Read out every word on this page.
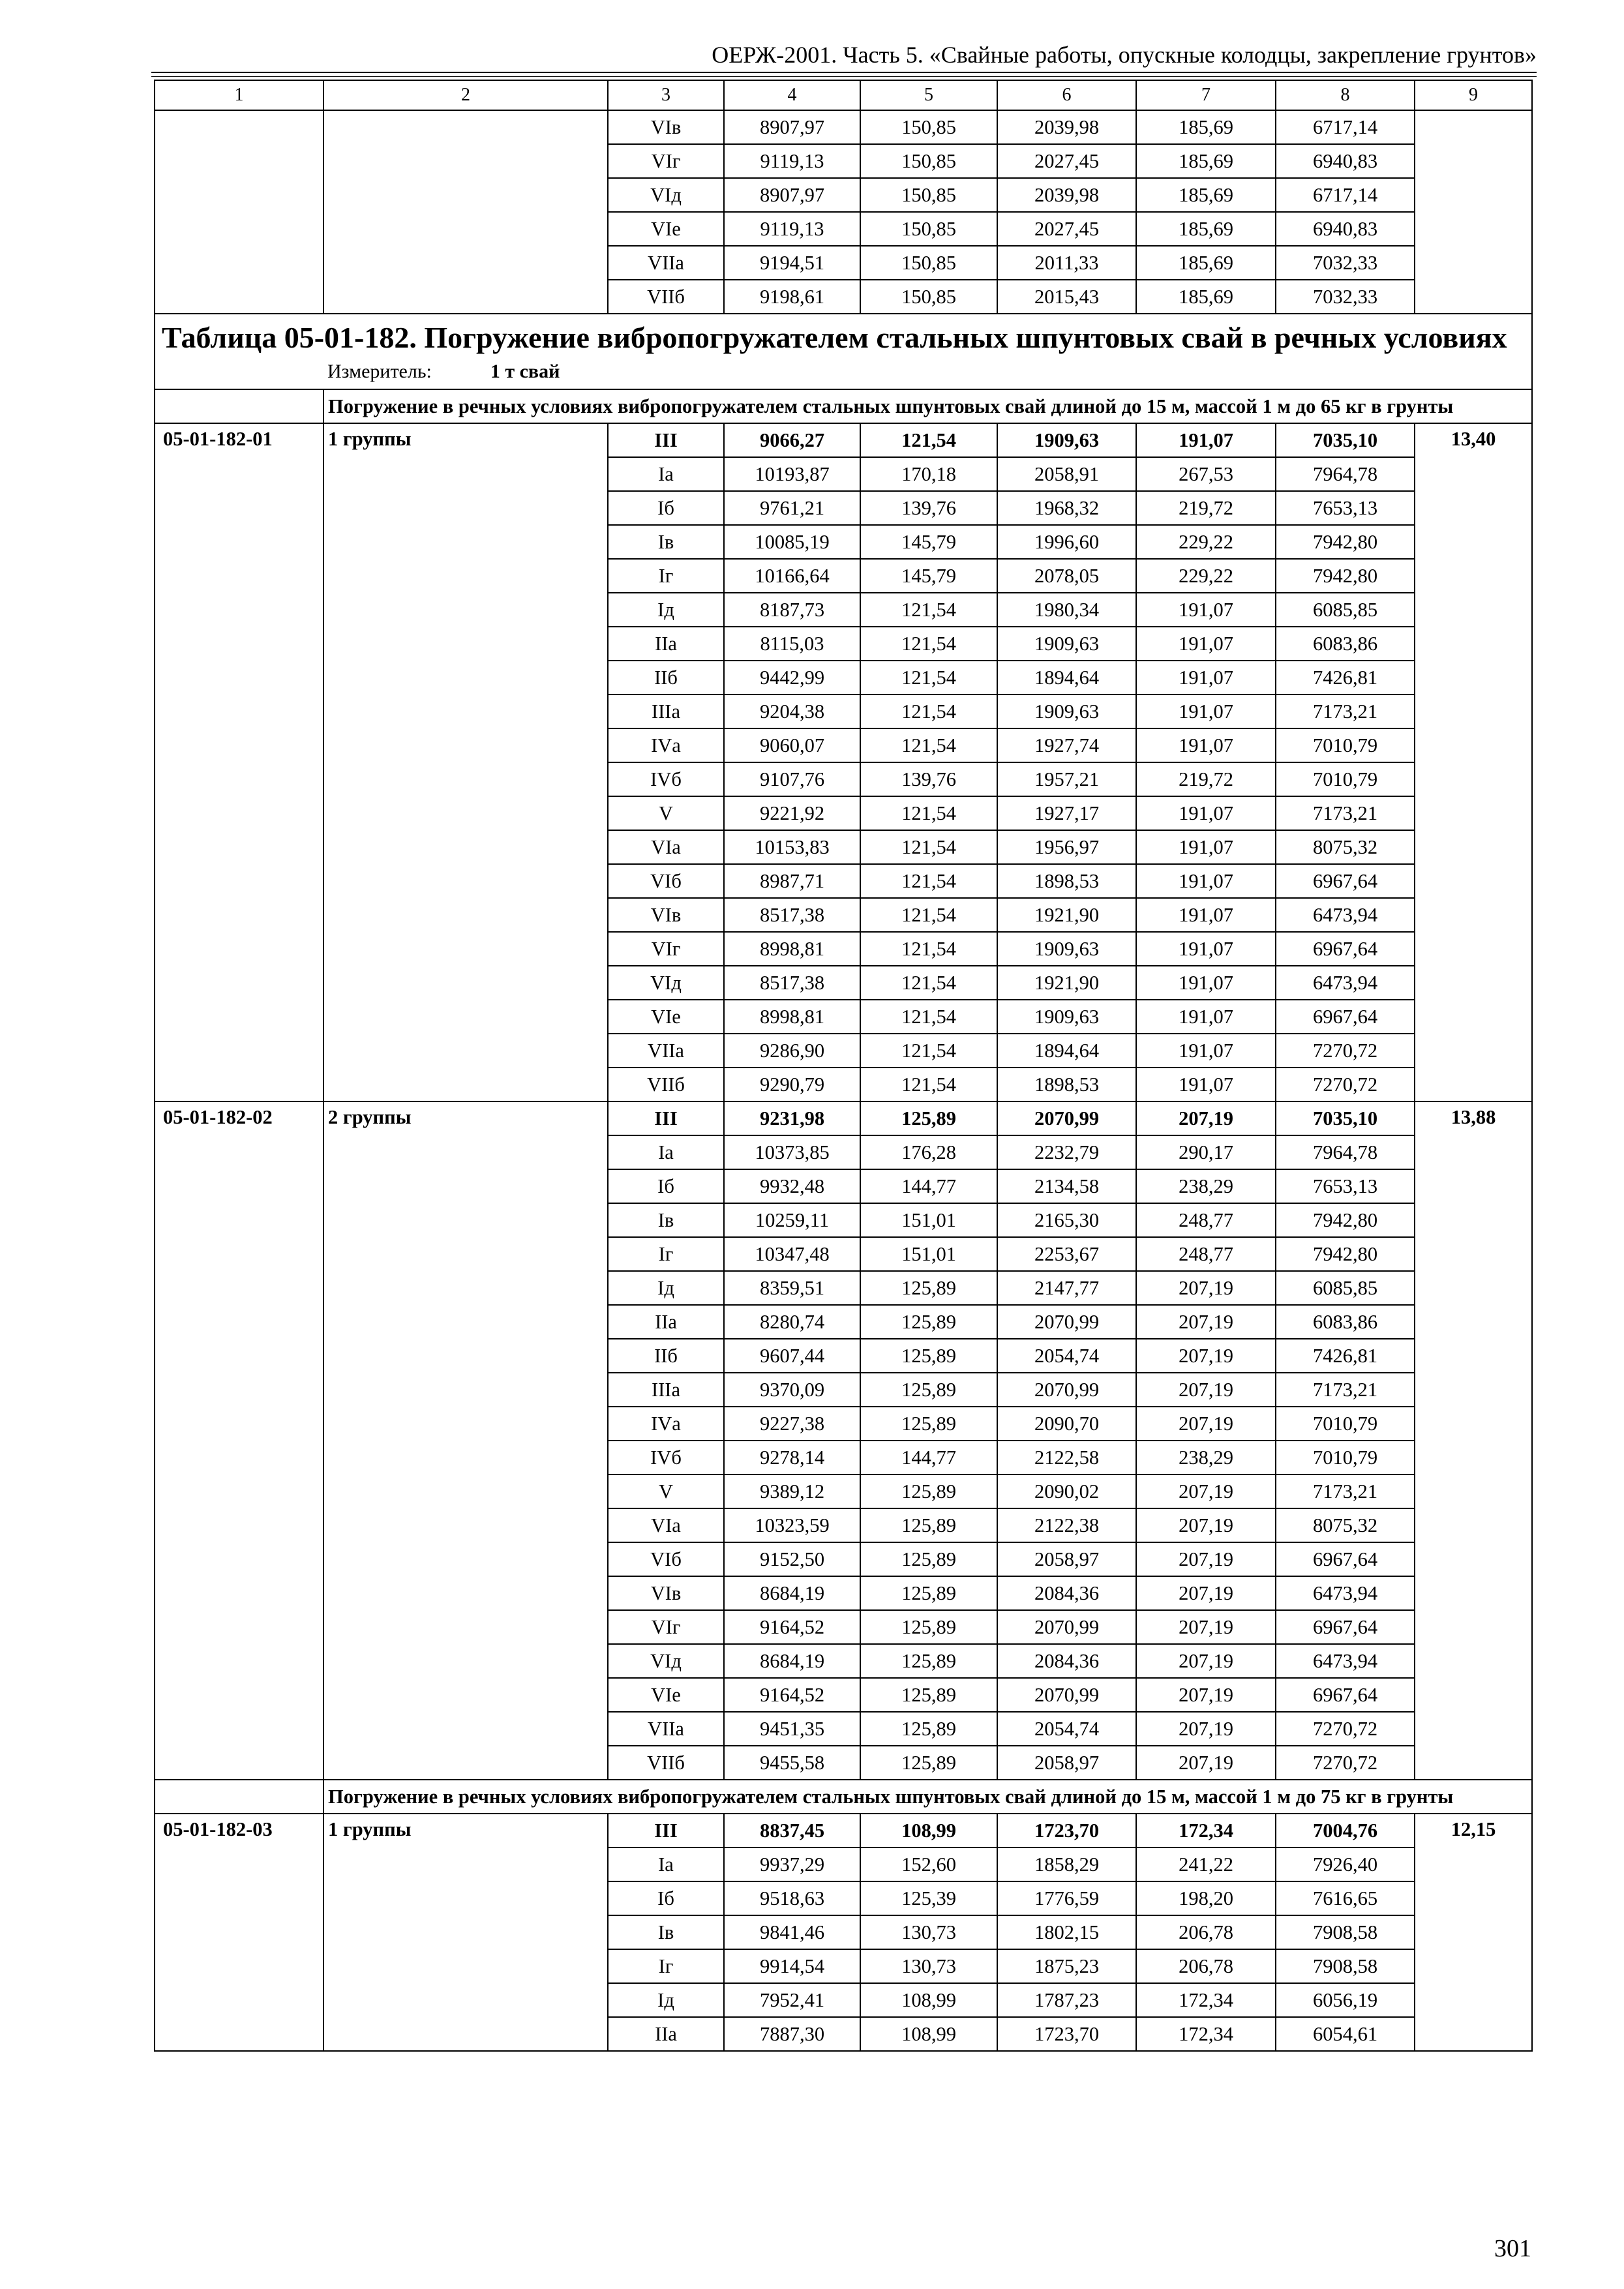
ОЕРЖ-2001. Часть 5. «Свайные работы, опускные колодцы, закрепление грунтов»
1	2	3	4	5	6	7	8	9
		VIв	8907,97	150,85	2039,98	185,69	6717,14	
		VIг	9119,13	150,85	2027,45	185,69	6940,83	
		VIд	8907,97	150,85	2039,98	185,69	6717,14	
		VIе	9119,13	150,85	2027,45	185,69	6940,83	
		VIIа	9194,51	150,85	2011,33	185,69	7032,33	
		VIIб	9198,61	150,85	2015,43	185,69	7032,33	

Таблица 05-01-182. Погружение вибропогружателем стальных шпунтовых свай в речных условиях
Измеритель: 1 т свай								

	Погружение в речных условиях вибропогружателем стальных шпунтовых свай длиной до 15 м, массой 1 м до 65 кг в грунты							
05-01-182-01	1 группы	III	9066,27	121,54	1909,63	191,07	7035,10	13,40
		Iа	10193,87	170,18	2058,91	267,53	7964,78	
		Iб	9761,21	139,76	1968,32	219,72	7653,13	
		Iв	10085,19	145,79	1996,60	229,22	7942,80	
		Iг	10166,64	145,79	2078,05	229,22	7942,80	
		Iд	8187,73	121,54	1980,34	191,07	6085,85	
		IIа	8115,03	121,54	1909,63	191,07	6083,86	
		IIб	9442,99	121,54	1894,64	191,07	7426,81	
		IIIа	9204,38	121,54	1909,63	191,07	7173,21	
		IVа	9060,07	121,54	1927,74	191,07	7010,79	
		IVб	9107,76	139,76	1957,21	219,72	7010,79	
		V	9221,92	121,54	1927,17	191,07	7173,21	
		VIа	10153,83	121,54	1956,97	191,07	8075,32	
		VIб	8987,71	121,54	1898,53	191,07	6967,64	
		VIв	8517,38	121,54	1921,90	191,07	6473,94	
		VIг	8998,81	121,54	1909,63	191,07	6967,64	
		VIд	8517,38	121,54	1921,90	191,07	6473,94	
		VIе	8998,81	121,54	1909,63	191,07	6967,64	
		VIIа	9286,90	121,54	1894,64	191,07	7270,72	
		VIIб	9290,79	121,54	1898,53	191,07	7270,72	
05-01-182-02	2 группы	III	9231,98	125,89	2070,99	207,19	7035,10	13,88
		Iа	10373,85	176,28	2232,79	290,17	7964,78	
		Iб	9932,48	144,77	2134,58	238,29	7653,13	
		Iв	10259,11	151,01	2165,30	248,77	7942,80	
		Iг	10347,48	151,01	2253,67	248,77	7942,80	
		Iд	8359,51	125,89	2147,77	207,19	6085,85	
		IIа	8280,74	125,89	2070,99	207,19	6083,86	
		IIб	9607,44	125,89	2054,74	207,19	7426,81	
		IIIа	9370,09	125,89	2070,99	207,19	7173,21	
		IVа	9227,38	125,89	2090,70	207,19	7010,79	
		IVб	9278,14	144,77	2122,58	238,29	7010,79	
		V	9389,12	125,89	2090,02	207,19	7173,21	
		VIа	10323,59	125,89	2122,38	207,19	8075,32	
		VIб	9152,50	125,89	2058,97	207,19	6967,64	
		VIв	8684,19	125,89	2084,36	207,19	6473,94	
		VIг	9164,52	125,89	2070,99	207,19	6967,64	
		VIд	8684,19	125,89	2084,36	207,19	6473,94	
		VIе	9164,52	125,89	2070,99	207,19	6967,64	
		VIIа	9451,35	125,89	2054,74	207,19	7270,72	
		VIIб	9455,58	125,89	2058,97	207,19	7270,72	
	Погружение в речных условиях вибропогружателем стальных шпунтовых свай длиной до 15 м, массой 1 м до 75 кг в грунты							
05-01-182-03	1 группы	III	8837,45	108,99	1723,70	172,34	7004,76	12,15
		Iа	9937,29	152,60	1858,29	241,22	7926,40	
		Iб	9518,63	125,39	1776,59	198,20	7616,65	
		Iв	9841,46	130,73	1802,15	206,78	7908,58	
		Iг	9914,54	130,73	1875,23	206,78	7908,58	
		Iд	7952,41	108,99	1787,23	172,34	6056,19	
		IIа	7887,30	108,99	1723,70	172,34	6054,61	
301
